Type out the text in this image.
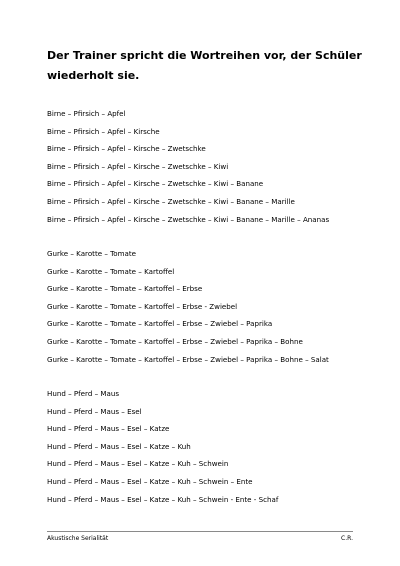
Der Trainer spricht die Wortreihen vor, der Schüler
wiederholt sie.
Birne – Pfirsich – Apfel
Birne – Pfirsich – Apfel – Kirsche
Birne – Pfirsich – Apfel – Kirsche – Zwetschke
Birne – Pfirsich – Apfel – Kirsche – Zwetschke – Kiwi
Birne – Pfirsich – Apfel – Kirsche – Zwetschke – Kiwi – Banane
Birne – Pfirsich – Apfel – Kirsche – Zwetschke – Kiwi – Banane – Marille
Birne – Pfirsich – Apfel – Kirsche – Zwetschke – Kiwi – Banane – Marille – Ananas
Gurke – Karotte – Tomate
Gurke – Karotte – Tomate – Kartoffel
Gurke – Karotte – Tomate – Kartoffel – Erbse
Gurke – Karotte – Tomate – Kartoffel – Erbse - Zwiebel
Gurke – Karotte – Tomate – Kartoffel – Erbse – Zwiebel – Paprika
Gurke – Karotte – Tomate – Kartoffel – Erbse – Zwiebel – Paprika – Bohne
Gurke – Karotte – Tomate – Kartoffel – Erbse – Zwiebel – Paprika – Bohne – Salat
Hund – Pferd – Maus
Hund – Pferd – Maus – Esel
Hund – Pferd – Maus – Esel – Katze
Hund – Pferd – Maus – Esel – Katze – Kuh
Hund – Pferd – Maus – Esel – Katze – Kuh – Schwein
Hund – Pferd – Maus – Esel – Katze – Kuh – Schwein – Ente
Hund – Pferd – Maus – Esel – Katze – Kuh – Schwein - Ente - Schaf
Akustische Serialität	C.R.
